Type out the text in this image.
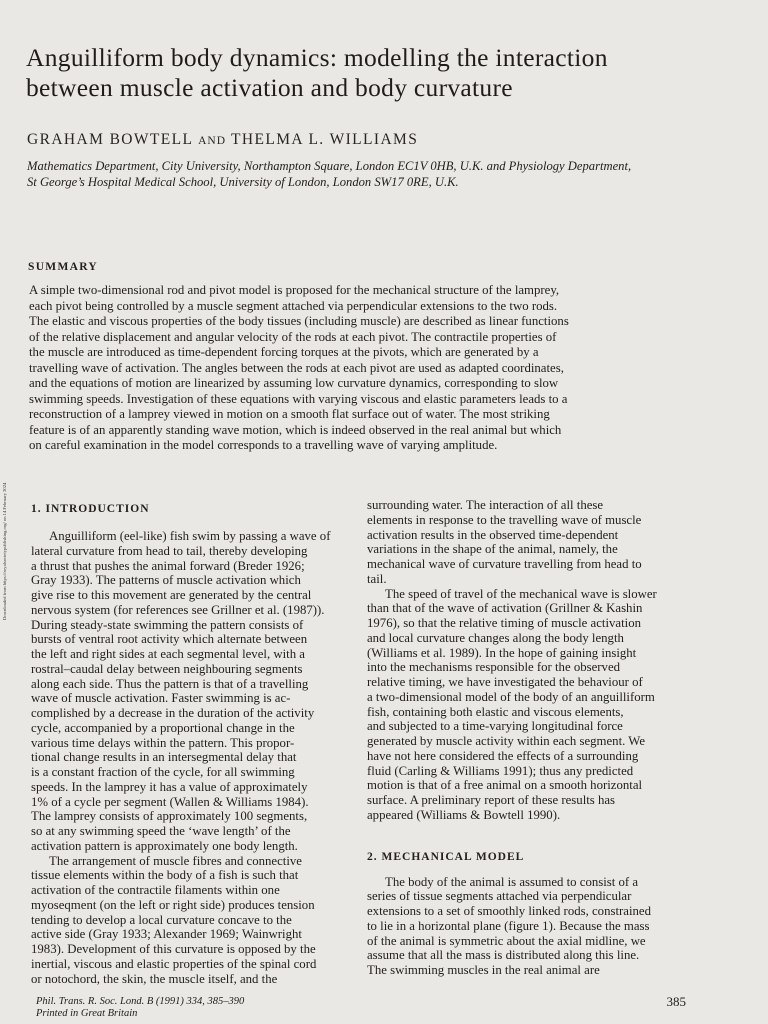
Downloaded from https://royalsocietypublishing.org/ on 14 February 2024
Anguilliform body dynamics: modelling the interaction
between muscle activation and body curvature

GRAHAM BOWTELL AND THELMA L. WILLIAMS

Mathematics Department, City University, Northampton Square, London EC1V 0HB, U.K. and Physiology Department,
St George’s Hospital Medical School, University of London, London SW17 0RE, U.K.
SUMMARY
A simple two-dimensional rod and pivot model is proposed for the mechanical structure of the lamprey,
each pivot being controlled by a muscle segment attached via perpendicular extensions to the two rods.
The elastic and viscous properties of the body tissues (including muscle) are described as linear functions
of the relative displacement and angular velocity of the rods at each pivot. The contractile properties of
the muscle are introduced as time-dependent forcing torques at the pivots, which are generated by a
travelling wave of activation. The angles between the rods at each pivot are used as adapted coordinates,
and the equations of motion are linearized by assuming low curvature dynamics, corresponding to slow
swimming speeds. Investigation of these equations with varying viscous and elastic parameters leads to a
reconstruction of a lamprey viewed in motion on a smooth flat surface out of water. The most striking
feature is of an apparently standing wave motion, which is indeed observed in the real animal but which
on careful examination in the model corresponds to a travelling wave of varying amplitude.
1. INTRODUCTION
Anguilliform (eel-like) fish swim by passing a wave of
lateral curvature from head to tail, thereby developing
a thrust that pushes the animal forward (Breder 1926;
Gray 1933). The patterns of muscle activation which
give rise to this movement are generated by the central
nervous system (for references see Grillner et al. (1987)).
During steady-state swimming the pattern consists of
bursts of ventral root activity which alternate between
the left and right sides at each segmental level, with a
rostral–caudal delay between neighbouring segments
along each side. Thus the pattern is that of a travelling
wave of muscle activation. Faster swimming is ac-
complished by a decrease in the duration of the activity
cycle, accompanied by a proportional change in the
various time delays within the pattern. This propor-
tional change results in an intersegmental delay that
is a constant fraction of the cycle, for all swimming
speeds. In the lamprey it has a value of approximately
1% of a cycle per segment (Wallen & Williams 1984).
The lamprey consists of approximately 100 segments,
so at any swimming speed the ‘wave length’ of the
activation pattern is approximately one body length.
The arrangement of muscle fibres and connective
tissue elements within the body of a fish is such that
activation of the contractile filaments within one
myoseqment (on the left or right side) produces tension
tending to develop a local curvature concave to the
active side (Gray 1933; Alexander 1969; Wainwright
1983). Development of this curvature is opposed by the
inertial, viscous and elastic properties of the spinal cord
or notochord, the skin, the muscle itself, and the
surrounding water. The interaction of all these
elements in response to the travelling wave of muscle
activation results in the observed time-dependent
variations in the shape of the animal, namely, the
mechanical wave of curvature travelling from head to
tail.
The speed of travel of the mechanical wave is slower
than that of the wave of activation (Grillner & Kashin
1976), so that the relative timing of muscle activation
and local curvature changes along the body length
(Williams et al. 1989). In the hope of gaining insight
into the mechanisms responsible for the observed
relative timing, we have investigated the behaviour of
a two-dimensional model of the body of an anguilliform
fish, containing both elastic and viscous elements,
and subjected to a time-varying longitudinal force
generated by muscle activity within each segment. We
have not here considered the effects of a surrounding
fluid (Carling & Williams 1991); thus any predicted
motion is that of a free animal on a smooth horizontal
surface. A preliminary report of these results has
appeared (Williams & Bowtell 1990).
2. MECHANICAL MODEL
The body of the animal is assumed to consist of a
series of tissue segments attached via perpendicular
extensions to a set of smoothly linked rods, constrained
to lie in a horizontal plane (figure 1). Because the mass
of the animal is symmetric about the axial midline, we
assume that all the mass is distributed along this line.
The swimming muscles in the real animal are
Phil. Trans. R. Soc. Lond. B (1991) 334, 385–390
Printed in Great Britain
385
